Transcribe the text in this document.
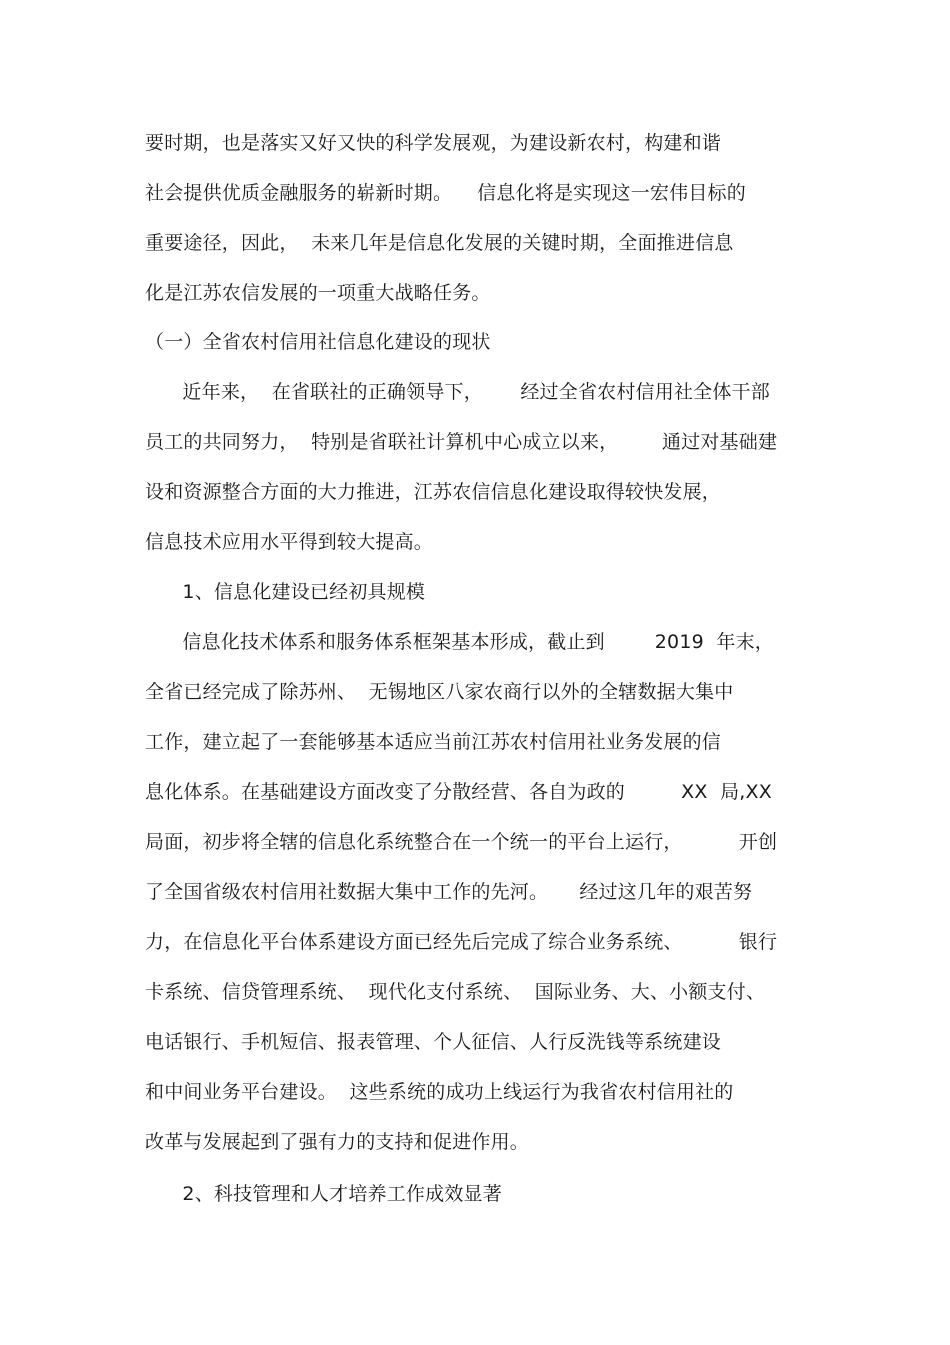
要时期，也是落实又好又快的科学发展观，为建设新农村，构建和谐
社会提供优质金融服务的崭新时期。    信息化将是实现这一宏伟目标的
重要途径，因此，  未来几年是信息化发展的关键时期，全面推进信息
化是江苏农信发展的一项重大战略任务。
（一）全省农村信用社信息化建设的现状
近年来，  在省联社的正确领导下，      经过全省农村信用社全体干部
员工的共同努力，  特别是省联社计算机中心成立以来，       通过对基础建
设和资源整合方面的大力推进，江苏农信信息化建设取得较快发展，
信息技术应用水平得到较大提高。
1、信息化建设已经初具规模
信息化技术体系和服务体系框架基本形成，截止到        2019  年末，
全省已经完成了除苏州、  无锡地区八家农商行以外的全辖数据大集中
工作，建立起了一套能够基本适应当前江苏农村信用社业务发展的信
息化体系。在基础建设方面改变了分散经营、各自为政的         XX  局,XX
局面，初步将全辖的信息化系统整合在一个统一的平台上运行，         开创
了全国省级农村信用社数据大集中工作的先河。     经过这几年的艰苦努
力，在信息化平台体系建设方面已经先后完成了综合业务系统、         银行
卡系统、信贷管理系统、  现代化支付系统、  国际业务、大、小额支付、
电话银行、手机短信、报表管理、个人征信、人行反洗钱等系统建设
和中间业务平台建设。  这些系统的成功上线运行为我省农村信用社的
改革与发展起到了强有力的支持和促进作用。
2、科技管理和人才培养工作成效显著
